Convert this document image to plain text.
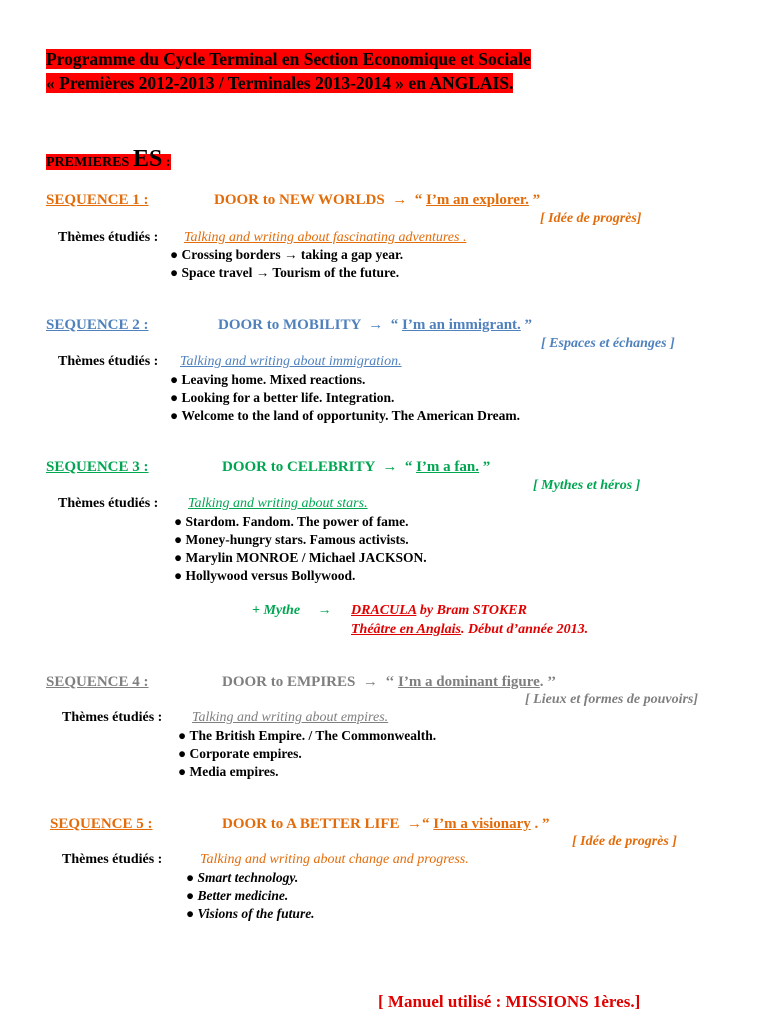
Programme du Cycle Terminal en Section Economique et Sociale
« Premières 2012-2013 / Terminales 2013-2014 » en ANGLAIS.
PREMIERES ES :
SEQUENCE 1 :	DOOR to NEW WORLDS → “ I’m an explorer. ”
[ Idée de progrès]
Thèmes étudiés : Talking and writing about fascinating adventures .
● Crossing borders → taking a gap year.
● Space travel → Tourism of the future.
SEQUENCE 2 :	DOOR to MOBILITY → “ I’m an immigrant. ”
[ Espaces et échanges ]
Thèmes étudiés : Talking and writing about immigration.
● Leaving home. Mixed reactions.
● Looking for a better life. Integration.
● Welcome to the land of opportunity. The American Dream.
SEQUENCE 3 :	DOOR to CELEBRITY → “ I’m a fan. ”
[ Mythes et héros ]
Thèmes étudiés : Talking and writing about stars.
● Stardom. Fandom. The power of fame.
● Money-hungry stars. Famous activists.
● Marylin MONROE / Michael JACKSON.
● Hollywood versus Bollywood.
+ Mythe → DRACULA by Bram STOKER
Théâtre en Anglais. Début d’année 2013.
SEQUENCE 4 :	DOOR to EMPIRES → ‘‘ I’m a dominant figure. ’’
[ Lieux et formes de pouvoirs]
Thèmes étudiés : Talking and writing about empires.
● The British Empire. / The Commonwealth.
● Corporate empires.
● Media empires.
SEQUENCE 5 :	DOOR to A BETTER LIFE →“ I’m a visionary . ”
[ Idée de progrès ]
Thèmes étudiés :	Talking and writing about change and progress.
● Smart technology.
● Better medicine.
● Visions of the future.
[ Manuel utilisé : MISSIONS 1ères.]
